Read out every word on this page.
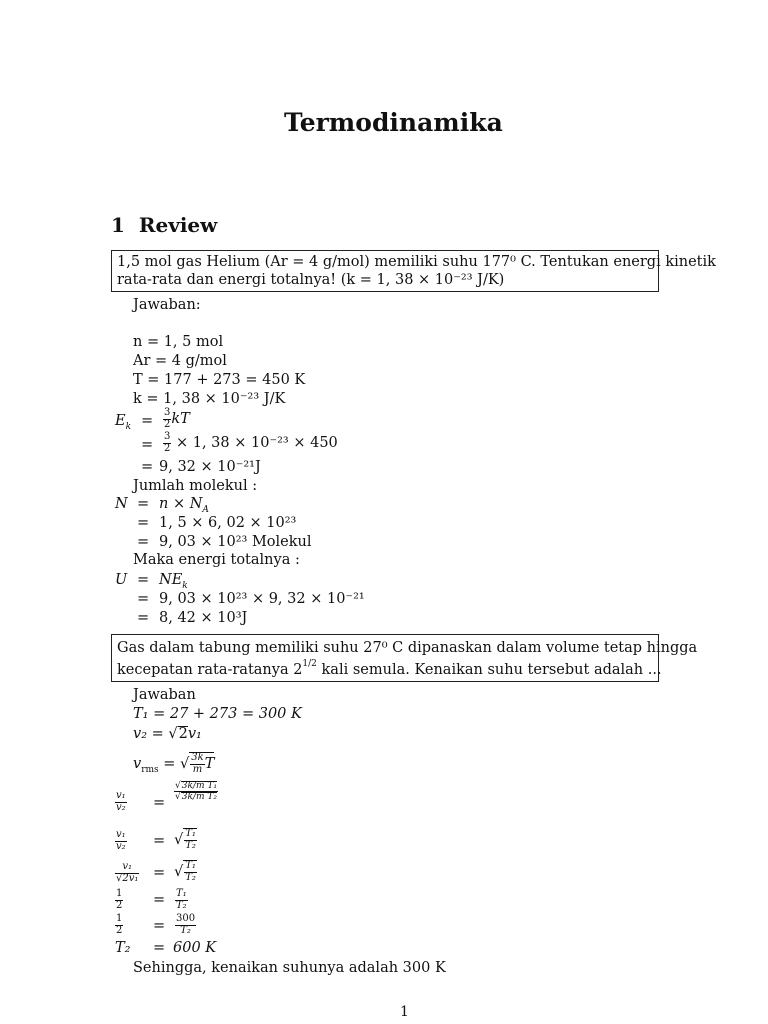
Termodinamika
1 Review
1,5 mol gas Helium (Ar = 4 g/mol) memiliki suhu 177⁰ C. Tentukan energi kinetik
rata-rata dan energi totalnya! (k = 1, 38 × 10⁻²³ J/K)
Jawaban:
n = 1, 5 mol
Ar = 4 g/mol
T = 177 + 273 = 450 K
k = 1, 38 × 10⁻²³ J/K
$E_k = \frac{3}{2}$ kT
= $\frac{3}{2} \times 1$, 38 × 10⁻²³ × 450
= 9, 32 × 10⁻²¹J
Jumlah molekul :
$N = n \times N_A$
= 1, 5 × 6, 02 × 10²³
= 9, 03 × 10²³ Molekul
Maka energi totalnya :
$U = NE_k$
= 9, 03 × 10²³ × 9, 32 × 10⁻²¹
= 8, 42 × 10³J
Gas dalam tabung memiliki suhu 27⁰ C dipanaskan dalam volume tetap hingga
kecepatan rata-ratanya $2^{1/2}$ kali semula. Kenaikan suhu tersebut adalah ...
Jawaban
T₁ = 27 + 273 = 300 K
v₂ = √2v₁
$v_{rms}$ = √ $\frac{3k}{m}$ T
$\frac{\text{v₁}}{\text{v₂}}$ =
$\frac{\text{√3k/m T₁}}{\text{√3k/m T₂}}$
$\frac{\text{v₁}}{\text{v₂}}$ = √ $\frac{\text{T₁}}{\text{T₂}}$
$\frac{\text{v₁}}{\text{√2v₁}}$ = √ $\frac{\text{T₁}}{\text{T₂}}$
$\frac{1}{2} = \frac{\text{T₁}}{\text{T₂}}$
$\frac{1}{2} = \frac{300}{\text{T₂}}$
T₂ = 600 K
Sehingga, kenaikan suhunya adalah 300 K
1
